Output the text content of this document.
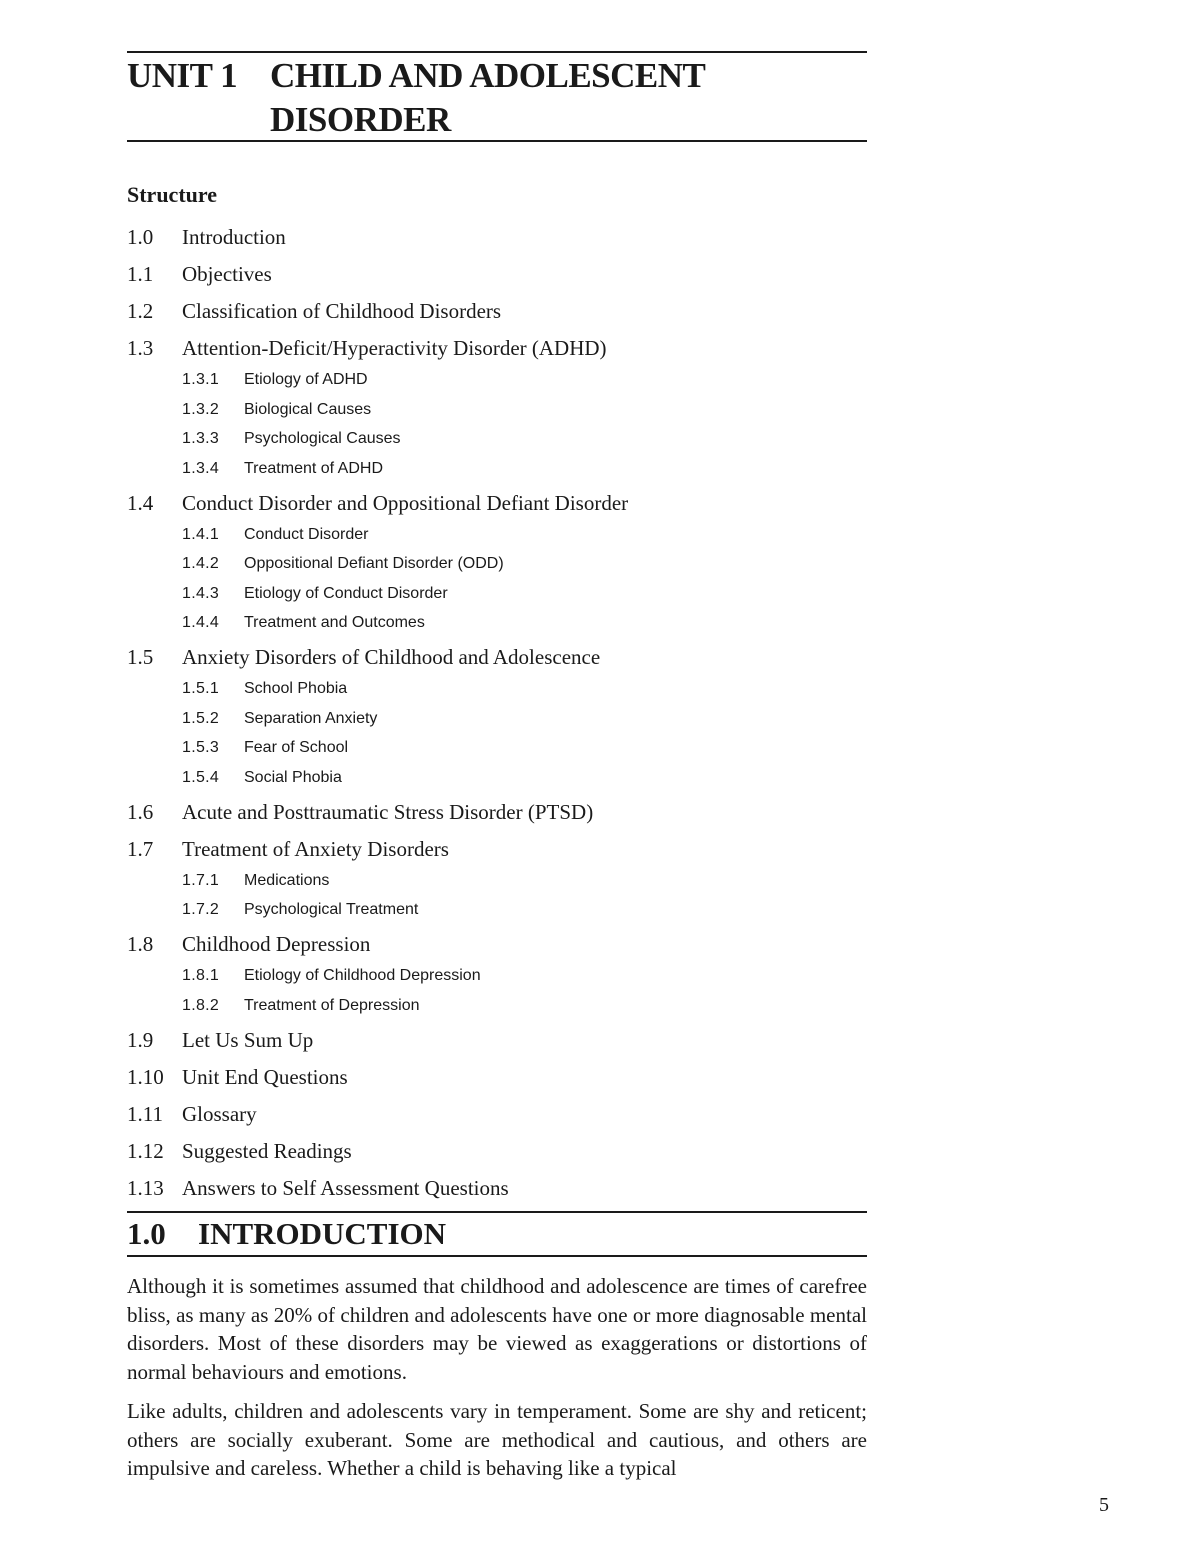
UNIT 1 CHILD AND ADOLESCENT DISORDER
Structure
1.0 Introduction
1.1 Objectives
1.2 Classification of Childhood Disorders
1.3 Attention-Deficit/Hyperactivity Disorder (ADHD)
1.3.1 Etiology of ADHD
1.3.2 Biological Causes
1.3.3 Psychological Causes
1.3.4 Treatment of ADHD
1.4 Conduct Disorder and Oppositional Defiant Disorder
1.4.1 Conduct Disorder
1.4.2 Oppositional Defiant Disorder (ODD)
1.4.3 Etiology of Conduct Disorder
1.4.4 Treatment and Outcomes
1.5 Anxiety Disorders of Childhood and Adolescence
1.5.1 School Phobia
1.5.2 Separation Anxiety
1.5.3 Fear of School
1.5.4 Social Phobia
1.6 Acute and Posttraumatic Stress Disorder (PTSD)
1.7 Treatment of Anxiety Disorders
1.7.1 Medications
1.7.2 Psychological Treatment
1.8 Childhood Depression
1.8.1 Etiology of Childhood Depression
1.8.2 Treatment of Depression
1.9 Let Us Sum Up
1.10 Unit End Questions
1.11 Glossary
1.12 Suggested Readings
1.13 Answers to Self Assessment Questions
1.0 INTRODUCTION

Although it is sometimes assumed that childhood and adolescence are times of carefree bliss, as many as 20% of children and adolescents have one or more diagnosable mental disorders. Most of these disorders may be viewed as exaggerations or distortions of normal behaviours and emotions.

Like adults, children and adolescents vary in temperament. Some are shy and reticent; others are socially exuberant. Some are methodical and cautious, and others are impulsive and careless. Whether a child is behaving like a typical

5
